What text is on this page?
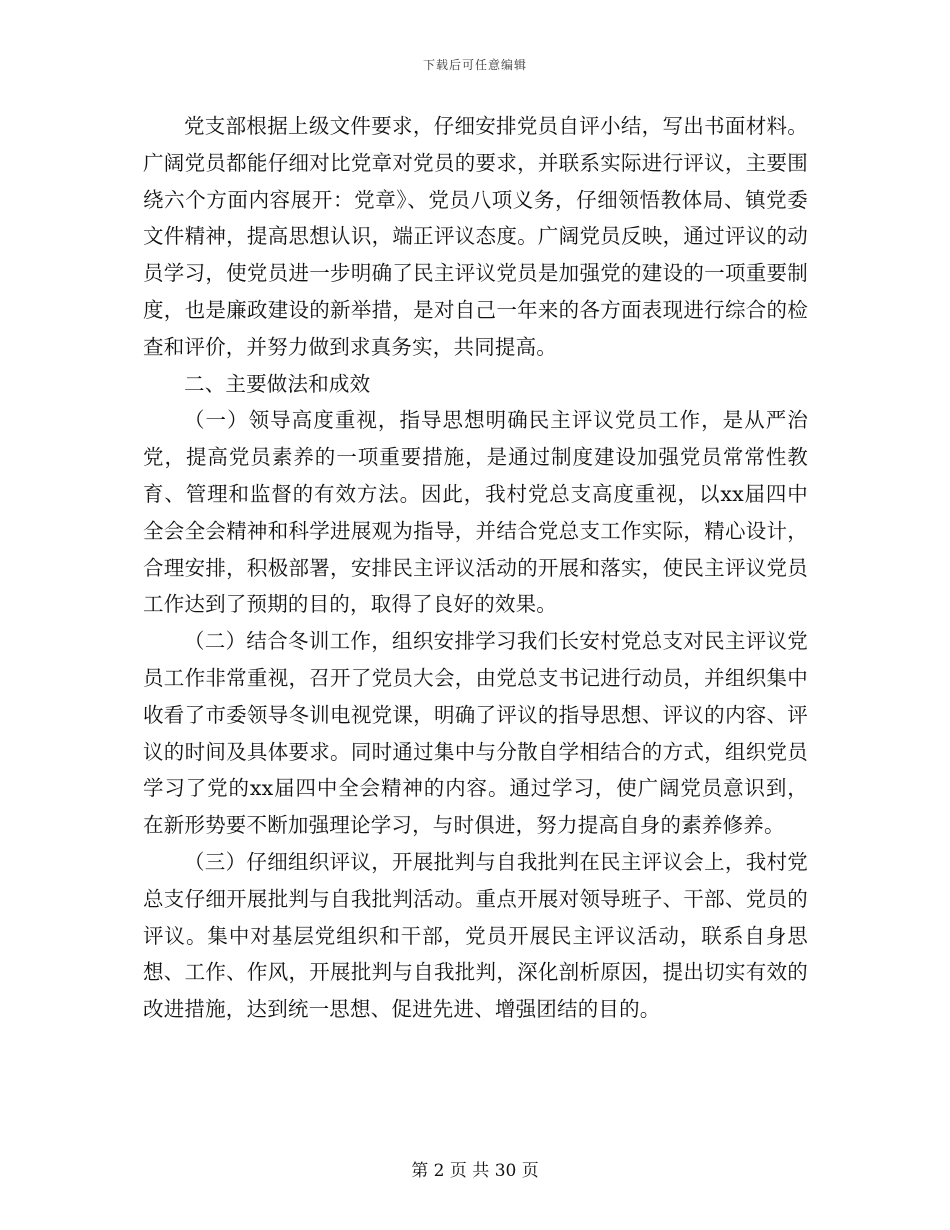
下载后可任意编辑

党支部根据上级文件要求，仔细安排党员自评小结，写出书面材料。广阔党员都能仔细对比党章对党员的要求，并联系实际进行评议，主要围绕六个方面内容展开：党章》、党员八项义务，仔细领悟教体局、镇党委文件精神，提高思想认识，端正评议态度。广阔党员反映，通过评议的动员学习，使党员进一步明确了民主评议党员是加强党的建设的一项重要制度，也是廉政建设的新举措，是对自己一年来的各方面表现进行综合的检查和评价，并努力做到求真务实，共同提高。

二、主要做法和成效

（一）领导高度重视，指导思想明确民主评议党员工作，是从严治党，提高党员素养的一项重要措施，是通过制度建设加强党员常常性教育、管理和监督的有效方法。因此，我村党总支高度重视，以xx届四中全会全会精神和科学进展观为指导，并结合党总支工作实际，精心设计，合理安排，积极部署，安排民主评议活动的开展和落实，使民主评议党员工作达到了预期的目的，取得了良好的效果。

（二）结合冬训工作，组织安排学习我们长安村党总支对民主评议党员工作非常重视，召开了党员大会，由党总支书记进行动员，并组织集中收看了市委领导冬训电视党课，明确了评议的指导思想、评议的内容、评议的时间及具体要求。同时通过集中与分散自学相结合的方式，组织党员学习了党的xx届四中全会精神的内容。通过学习，使广阔党员意识到，在新形势要不断加强理论学习，与时俱进，努力提高自身的素养修养。

（三）仔细组织评议，开展批判与自我批判在民主评议会上，我村党总支仔细开展批判与自我批判活动。重点开展对领导班子、干部、党员的评议。集中对基层党组织和干部，党员开展民主评议活动，联系自身思想、工作、作风，开展批判与自我批判，深化剖析原因，提出切实有效的改进措施，达到统一思想、促进先进、增强团结的目的。

第 2 页 共 30 页
